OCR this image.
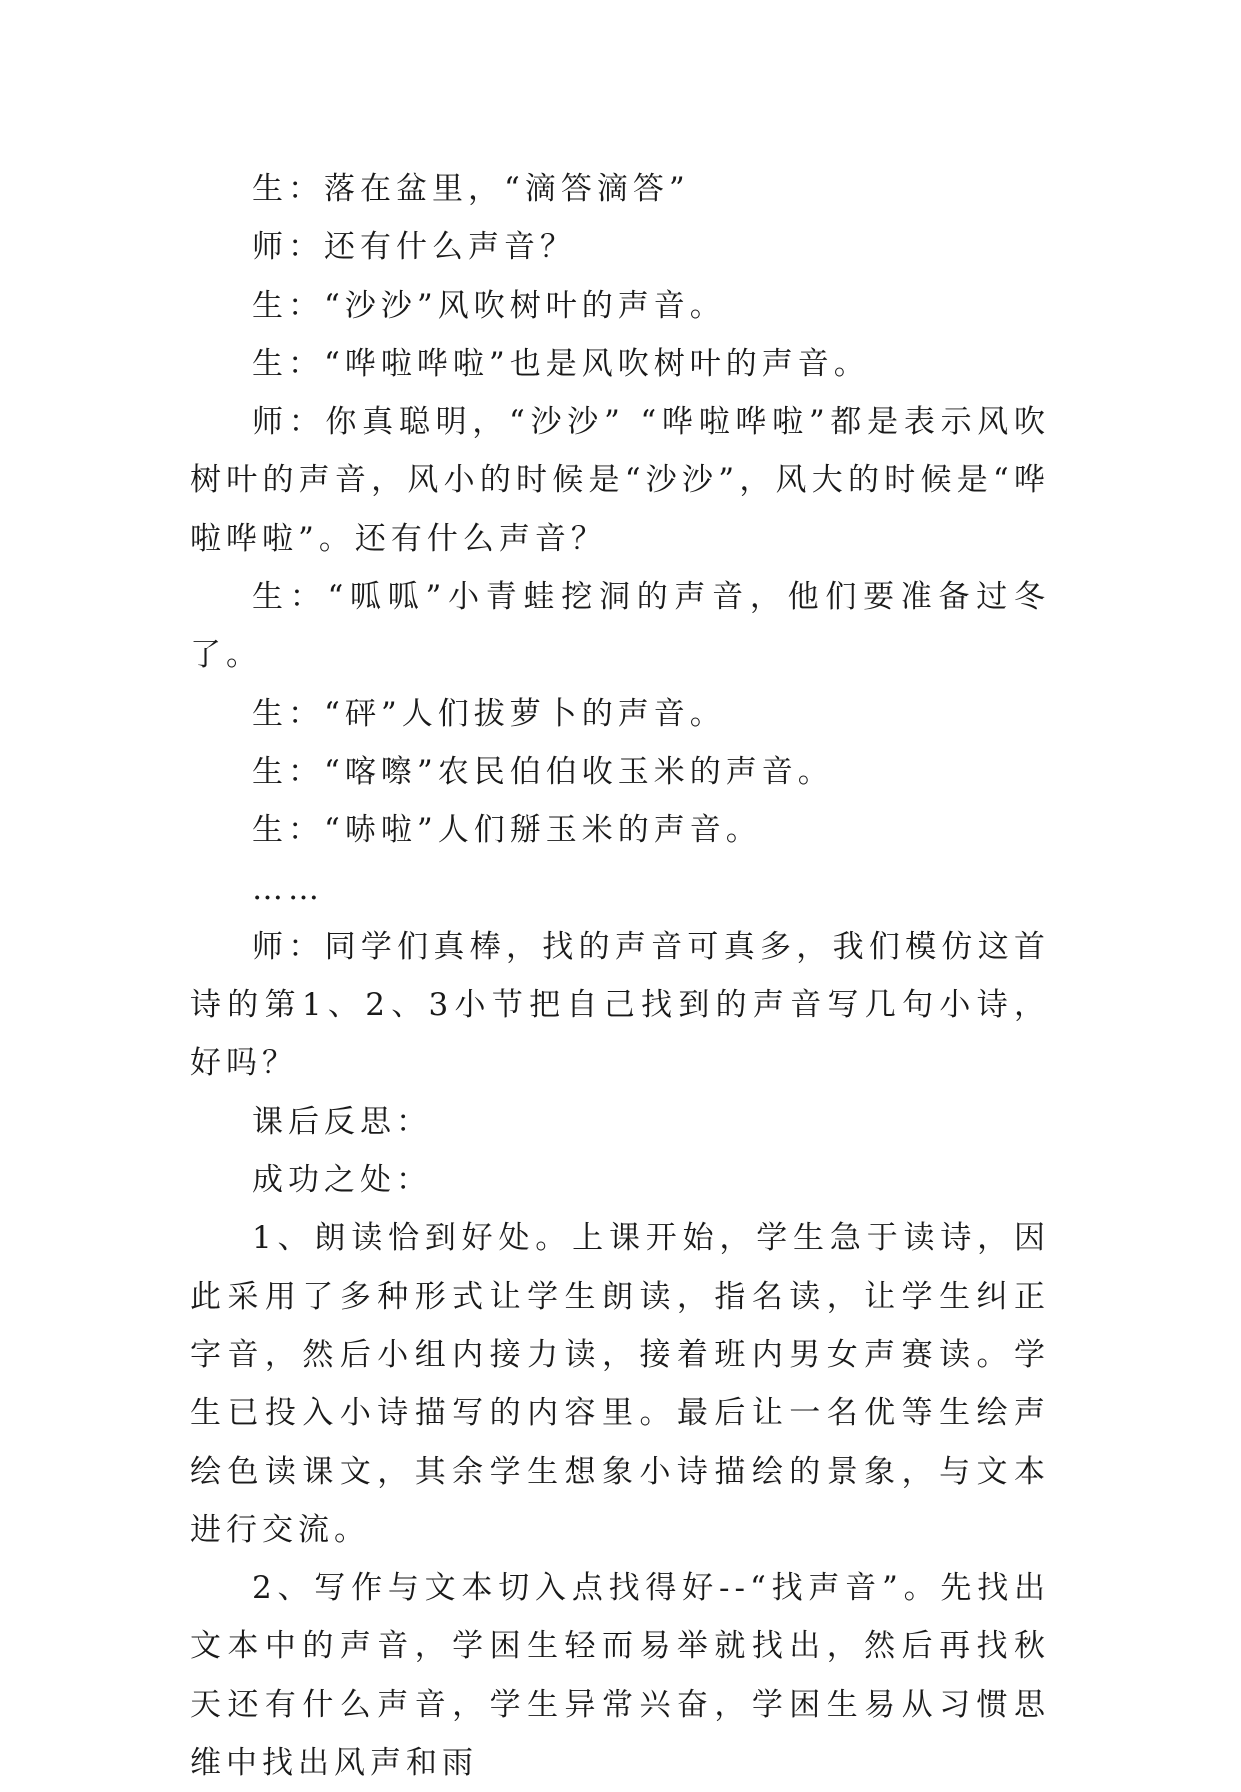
生：落在盆里，“滴答滴答”

师：还有什么声音？

生：“沙沙”风吹树叶的声音。

生：“哗啦哗啦”也是风吹树叶的声音。

师：你真聪明，“沙沙” “哗啦哗啦”都是表示风吹树叶的声音，风小的时候是“沙沙”，风大的时候是“哗啦哗啦”。还有什么声音？

生：“呱呱”小青蛙挖洞的声音，他们要准备过冬了。

生：“砰”人们拔萝卜的声音。

生：“喀嚓”农民伯伯收玉米的声音。

生：“哧啦”人们掰玉米的声音。

……

师：同学们真棒，找的声音可真多，我们模仿这首诗的第1、2、3小节把自己找到的声音写几句小诗，好吗？

课后反思：

成功之处：

1、朗读恰到好处。上课开始，学生急于读诗，因此采用了多种形式让学生朗读，指名读，让学生纠正字音，然后小组内接力读，接着班内男女声赛读。学生已投入小诗描写的内容里。最后让一名优等生绘声绘色读课文，其余学生想象小诗描绘的景象，与文本进行交流。

2、写作与文本切入点找得好--“找声音”。先找出文本中的声音，学困生轻而易举就找出，然后再找秋天还有什么声音，学生异常兴奋，学困生易从习惯思维中找出风声和雨
